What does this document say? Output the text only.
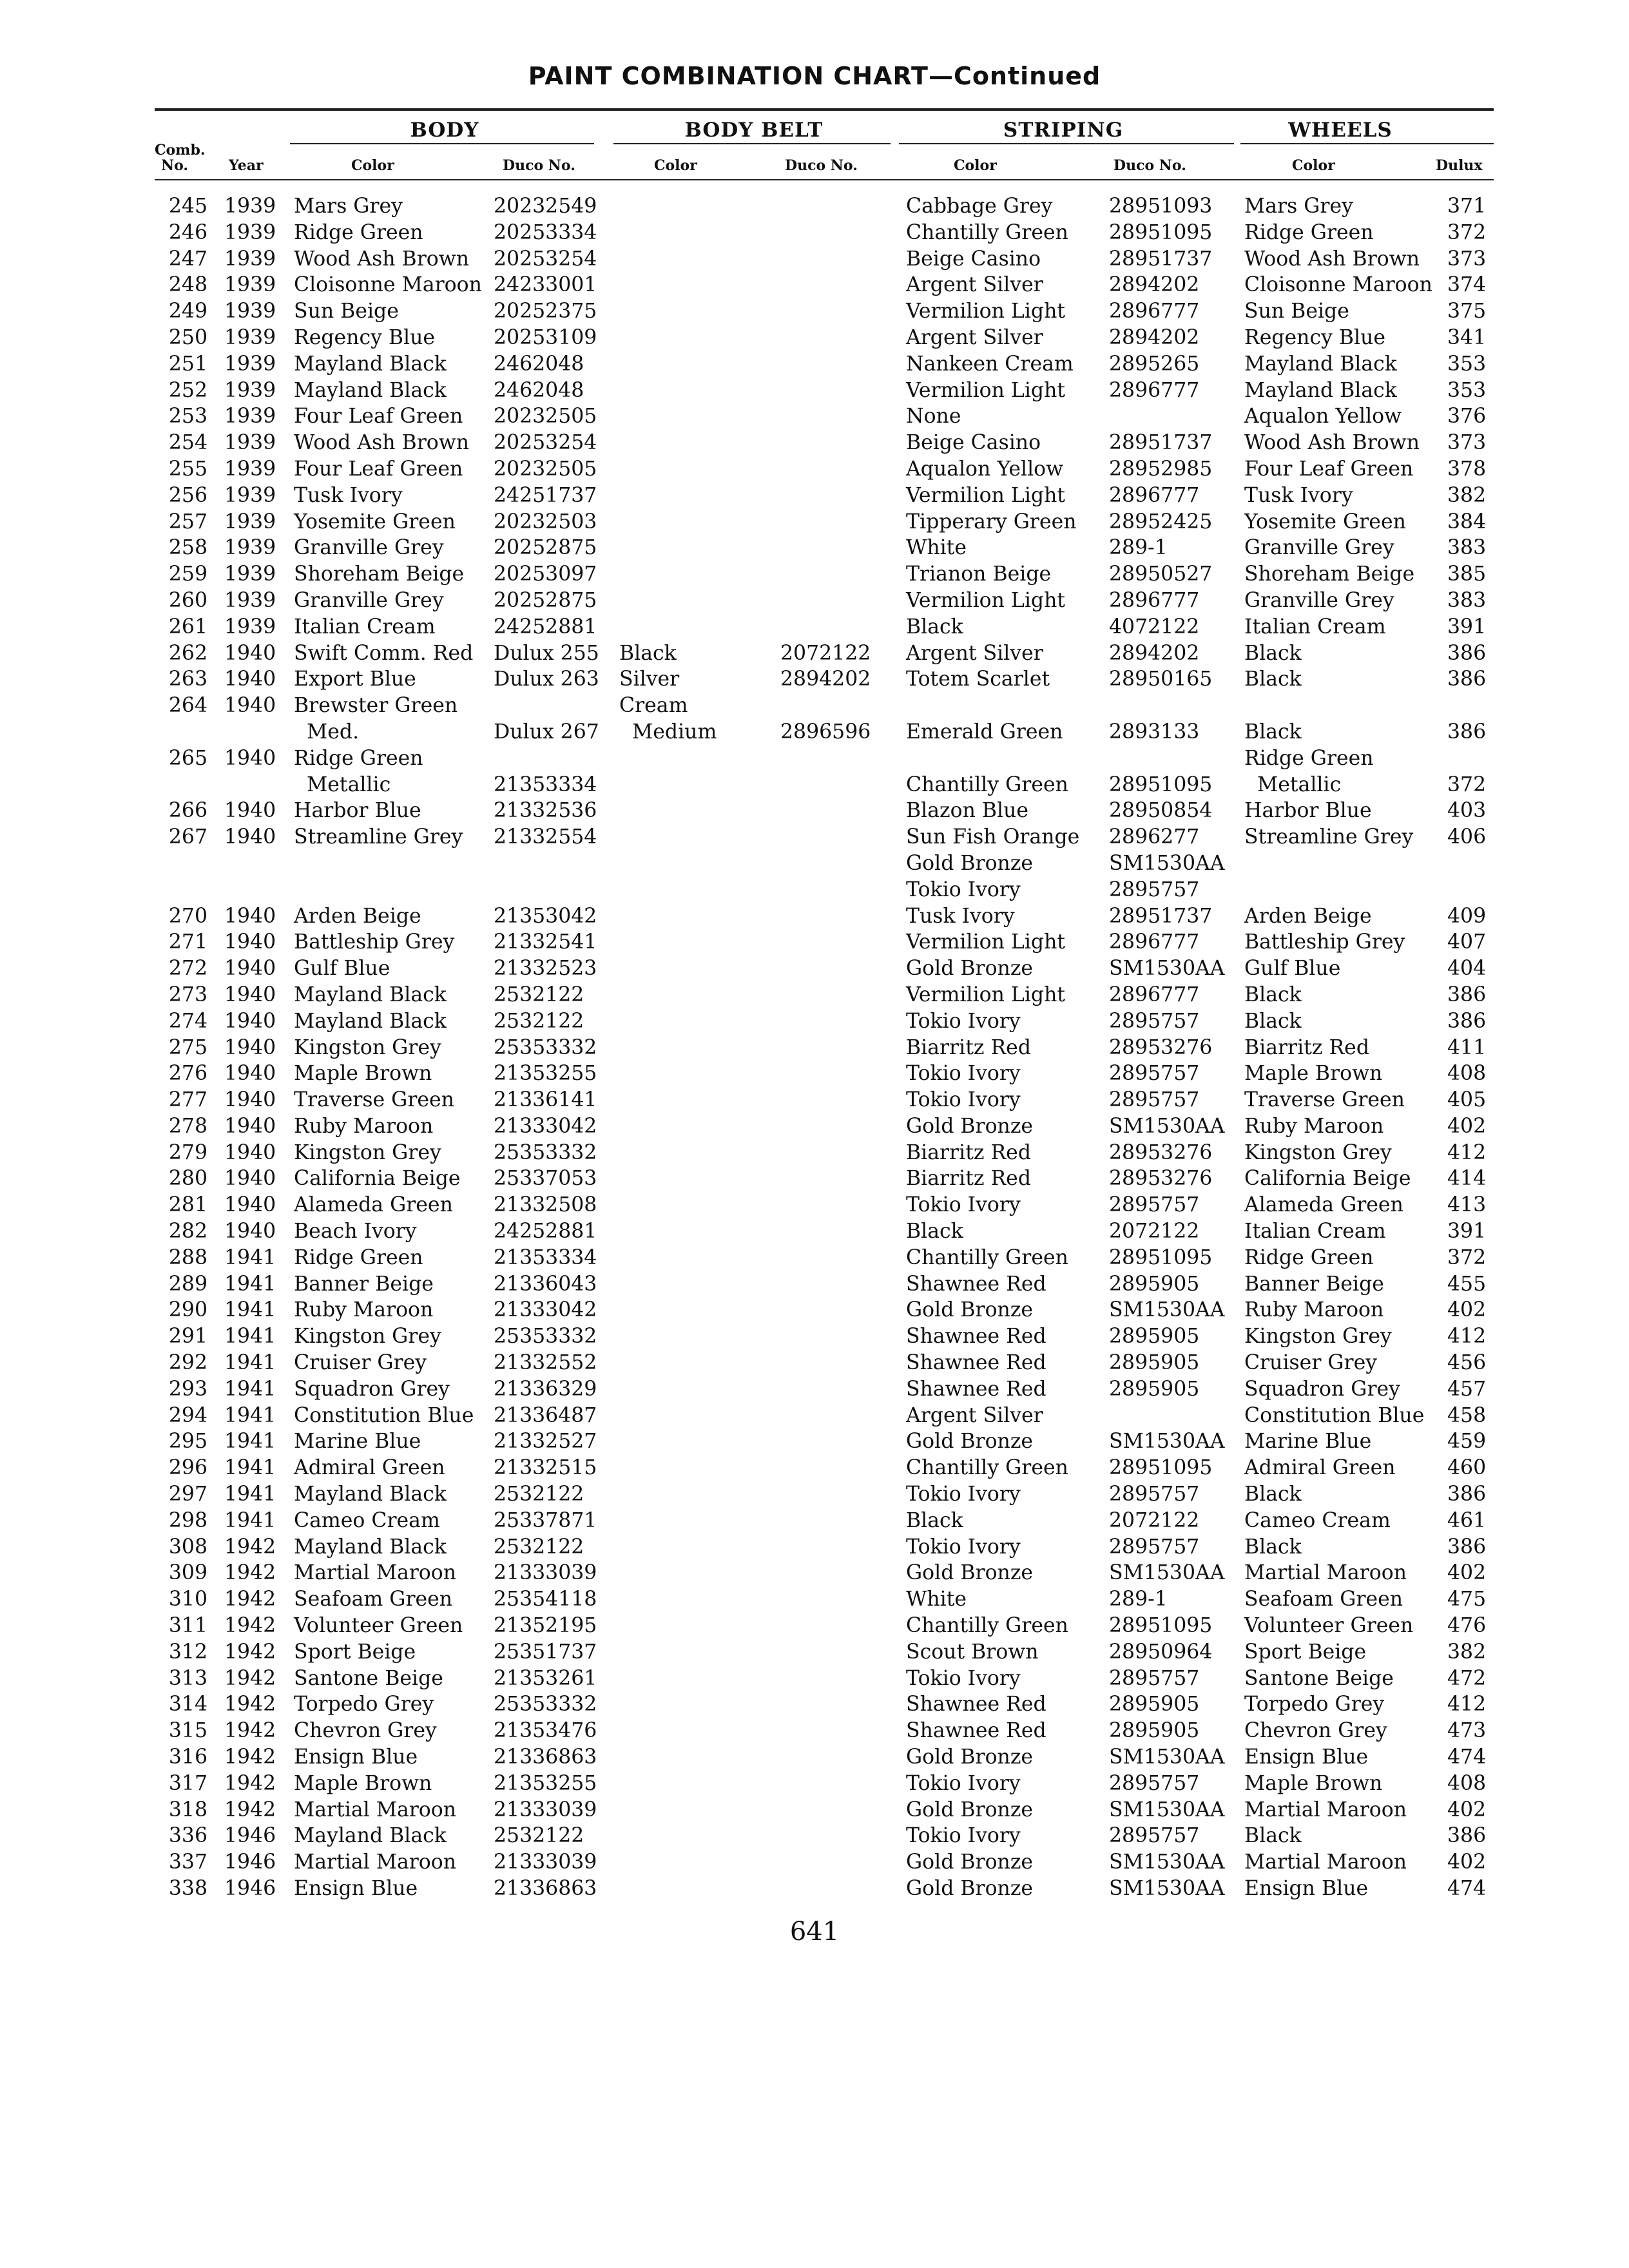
PAINT COMBINATION CHART—Continued
BODY	BODY BELT	STRIPING	WHEELS
Comb.
No.	Year	Color	Duco No.	Color	Duco No.	Color	Duco No.	Color	Dulux
245		1939		Mars Grey	20232549			Cabbage Grey	28951093	Mars Grey	371
246		1939		Ridge Green	20253334			Chantilly Green	28951095	Ridge Green	372
247		1939		Wood Ash Brown	20253254			Beige Casino	28951737	Wood Ash Brown	373
248		1939		Cloisonne Maroon	24233001			Argent Silver	2894202	Cloisonne Maroon	374
249		1939		Sun Beige	20252375			Vermilion Light	2896777	Sun Beige	375
250		1939		Regency Blue	20253109			Argent Silver	2894202	Regency Blue	341
251		1939		Mayland Black	2462048			Nankeen Cream	2895265	Mayland Black	353
252		1939		Mayland Black	2462048			Vermilion Light	2896777	Mayland Black	353
253		1939		Four Leaf Green	20232505			None		Aqualon Yellow	376
254		1939		Wood Ash Brown	20253254			Beige Casino	28951737	Wood Ash Brown	373
255		1939		Four Leaf Green	20232505			Aqualon Yellow	28952985	Four Leaf Green	378
256		1939		Tusk Ivory	24251737			Vermilion Light	2896777	Tusk Ivory	382
257		1939		Yosemite Green	20232503			Tipperary Green	28952425	Yosemite Green	384
258		1939		Granville Grey	20252875			White	289-1	Granville Grey	383
259		1939		Shoreham Beige	20253097			Trianon Beige	28950527	Shoreham Beige	385
260		1939		Granville Grey	20252875			Vermilion Light	2896777	Granville Grey	383
261		1939		Italian Cream	24252881			Black	4072122	Italian Cream	391
262		1940		Swift Comm. Red	Dulux 255	Black	2072122	Argent Silver	2894202	Black	386
263		1940		Export Blue	Dulux 263	Silver	2894202	Totem Scarlet	28950165	Black	386
264		1940		Brewster Green		Cream					
				Med.	Dulux 267	Medium	2896596	Emerald Green	2893133	Black	386
265		1940		Ridge Green						Ridge Green	
				Metallic	21353334			Chantilly Green	28951095	Metallic	372
266		1940		Harbor Blue	21332536			Blazon Blue	28950854	Harbor Blue	403
267		1940		Streamline Grey	21332554			Sun Fish Orange	2896277	Streamline Grey	406
								Gold Bronze	SM1530AA		
								Tokio Ivory	2895757		
270		1940		Arden Beige	21353042			Tusk Ivory	28951737	Arden Beige	409
271		1940		Battleship Grey	21332541			Vermilion Light	2896777	Battleship Grey	407
272		1940		Gulf Blue	21332523			Gold Bronze	SM1530AA	Gulf Blue	404
273		1940		Mayland Black	2532122			Vermilion Light	2896777	Black	386
274		1940		Mayland Black	2532122			Tokio Ivory	2895757	Black	386
275		1940		Kingston Grey	25353332			Biarritz Red	28953276	Biarritz Red	411
276		1940		Maple Brown	21353255			Tokio Ivory	2895757	Maple Brown	408
277		1940		Traverse Green	21336141			Tokio Ivory	2895757	Traverse Green	405
278		1940		Ruby Maroon	21333042			Gold Bronze	SM1530AA	Ruby Maroon	402
279		1940		Kingston Grey	25353332			Biarritz Red	28953276	Kingston Grey	412
280		1940		California Beige	25337053			Biarritz Red	28953276	California Beige	414
281		1940		Alameda Green	21332508			Tokio Ivory	2895757	Alameda Green	413
282		1940		Beach Ivory	24252881			Black	2072122	Italian Cream	391
288		1941		Ridge Green	21353334			Chantilly Green	28951095	Ridge Green	372
289		1941		Banner Beige	21336043			Shawnee Red	2895905	Banner Beige	455
290		1941		Ruby Maroon	21333042			Gold Bronze	SM1530AA	Ruby Maroon	402
291		1941		Kingston Grey	25353332			Shawnee Red	2895905	Kingston Grey	412
292		1941		Cruiser Grey	21332552			Shawnee Red	2895905	Cruiser Grey	456
293		1941		Squadron Grey	21336329			Shawnee Red	2895905	Squadron Grey	457
294		1941		Constitution Blue	21336487			Argent Silver		Constitution Blue	458
295		1941		Marine Blue	21332527			Gold Bronze	SM1530AA	Marine Blue	459
296		1941		Admiral Green	21332515			Chantilly Green	28951095	Admiral Green	460
297		1941		Mayland Black	2532122			Tokio Ivory	2895757	Black	386
298		1941		Cameo Cream	25337871			Black	2072122	Cameo Cream	461
308		1942		Mayland Black	2532122			Tokio Ivory	2895757	Black	386
309		1942		Martial Maroon	21333039			Gold Bronze	SM1530AA	Martial Maroon	402
310		1942		Seafoam Green	25354118			White	289-1	Seafoam Green	475
311		1942		Volunteer Green	21352195			Chantilly Green	28951095	Volunteer Green	476
312		1942		Sport Beige	25351737			Scout Brown	28950964	Sport Beige	382
313		1942		Santone Beige	21353261			Tokio Ivory	2895757	Santone Beige	472
314		1942		Torpedo Grey	25353332			Shawnee Red	2895905	Torpedo Grey	412
315		1942		Chevron Grey	21353476			Shawnee Red	2895905	Chevron Grey	473
316		1942		Ensign Blue	21336863			Gold Bronze	SM1530AA	Ensign Blue	474
317		1942		Maple Brown	21353255			Tokio Ivory	2895757	Maple Brown	408
318		1942		Martial Maroon	21333039			Gold Bronze	SM1530AA	Martial Maroon	402
336		1946		Mayland Black	2532122			Tokio Ivory	2895757	Black	386
337		1946		Martial Maroon	21333039			Gold Bronze	SM1530AA	Martial Maroon	402
338		1946		Ensign Blue	21336863			Gold Bronze	SM1530AA	Ensign Blue	474
641
